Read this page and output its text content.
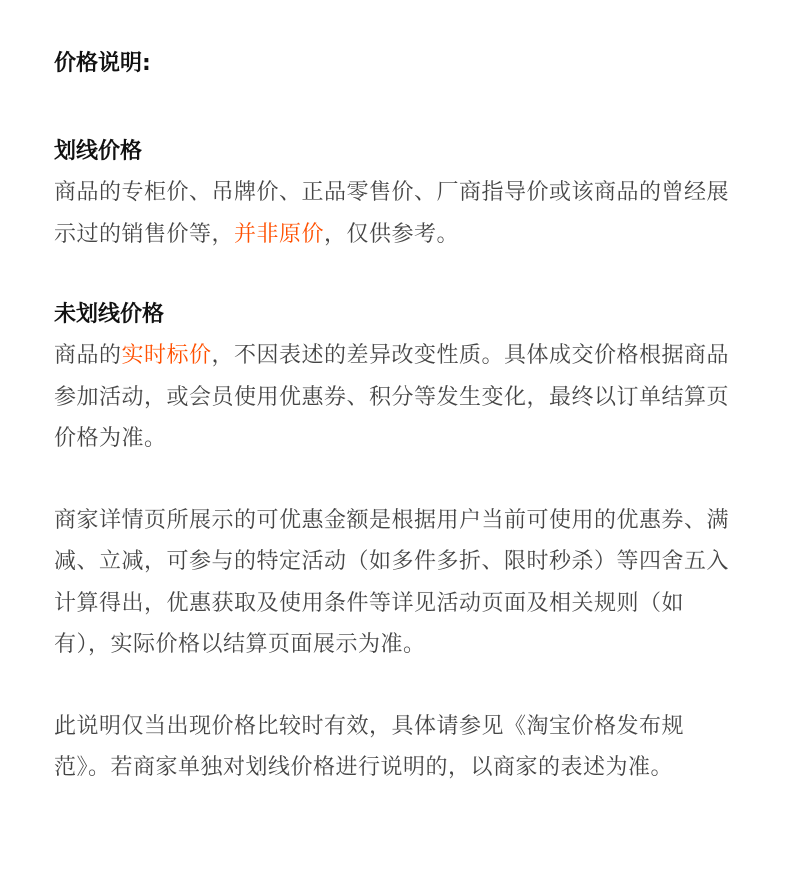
价格说明:
划线价格

商品的专柜价、吊牌价、正品零售价、厂商指导价或该商品的曾经展示过的销售价等，并非原价，仅供参考。

未划线价格

商品的实时标价，不因表述的差异改变性质。具体成交价格根据商品参加活动，或会员使用优惠券、积分等发生变化，最终以订单结算页价格为准。

商家详情页所展示的可优惠金额是根据用户当前可使用的优惠券、满减、立减，可参与的特定活动（如多件多折、限时秒杀）等四舍五入计算得出，优惠获取及使用条件等详见活动页面及相关规则（如有），实际价格以结算页面展示为准。

此说明仅当出现价格比较时有效，具体请参见《淘宝价格发布规范》。若商家单独对划线价格进行说明的，以商家的表述为准。
